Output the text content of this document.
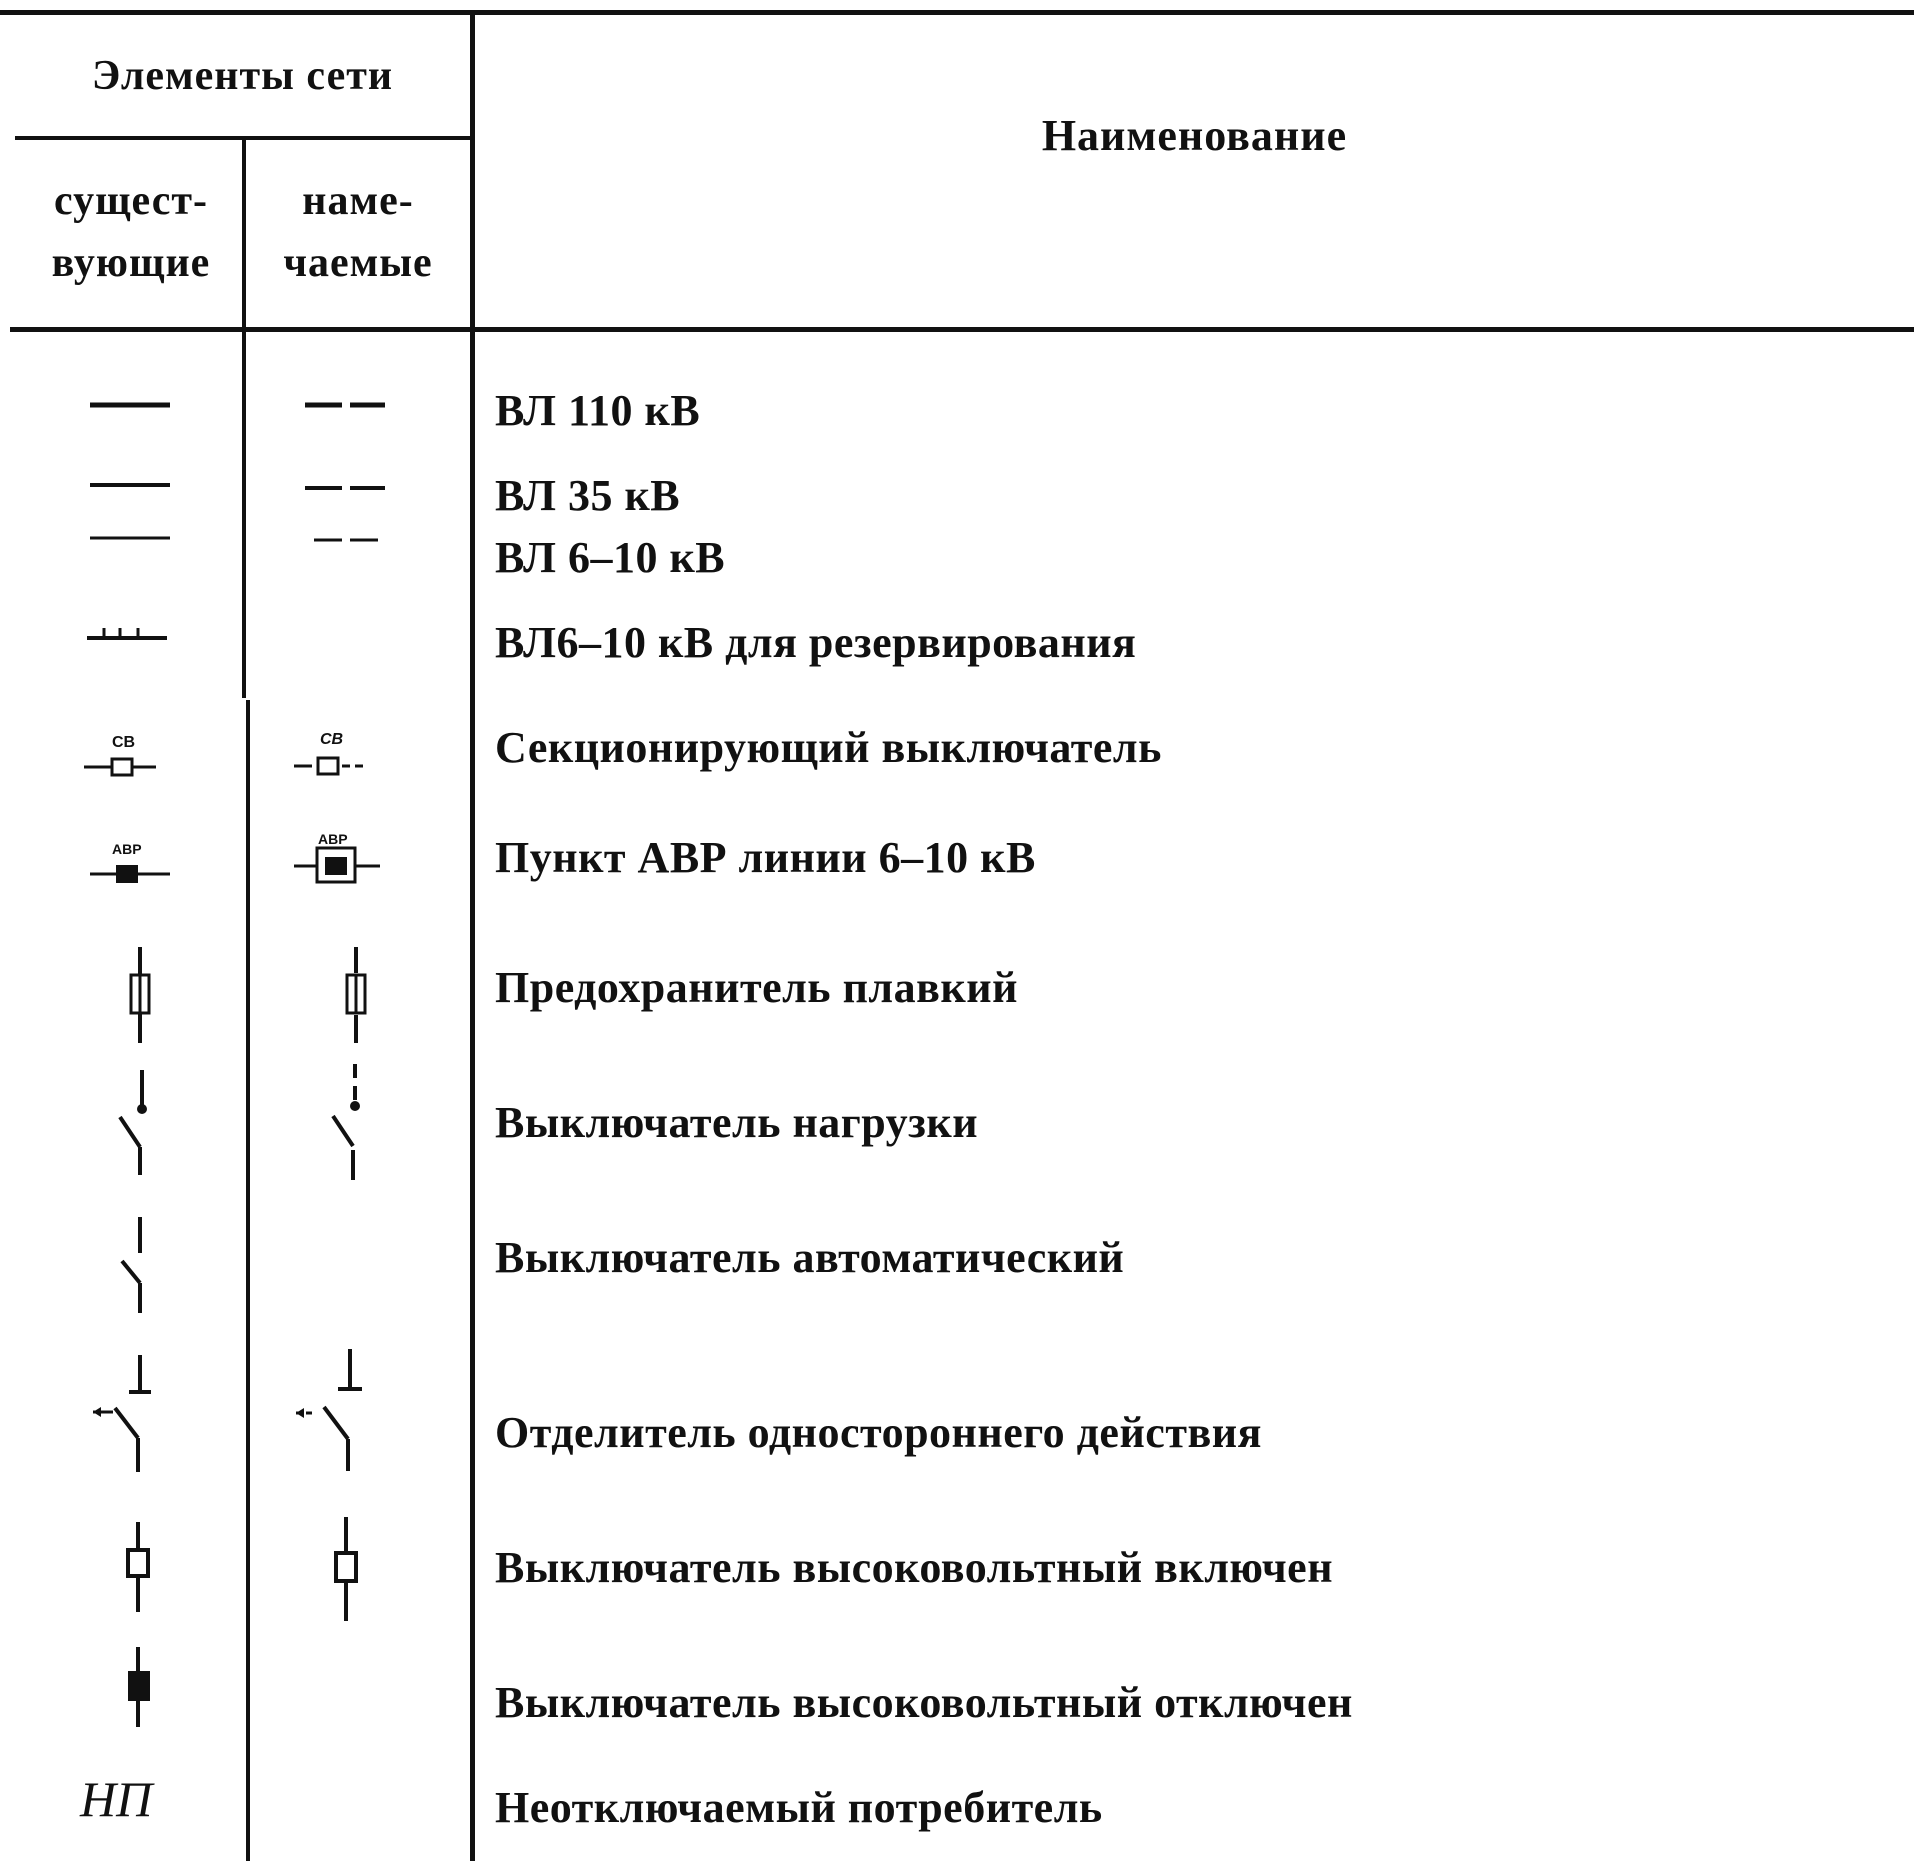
Элементы сети
сущест-
вующие
наме-
чаемые
Наименование
ВЛ 110 кВ
ВЛ 35 кВ
ВЛ 6–10 кВ
ВЛ6–10 кВ для резервирования
Секционирующий выключатель
Пункт АВР линии 6–10 кВ
Предохранитель плавкий
Выключатель нагрузки
Выключатель автоматический
Отделитель одностороннего действия
Выключатель высоковольтный включен
Выключатель высоковольтный отключен
Неотключаемый потребитель
СВ
АВР
НП
СВ
АВР
